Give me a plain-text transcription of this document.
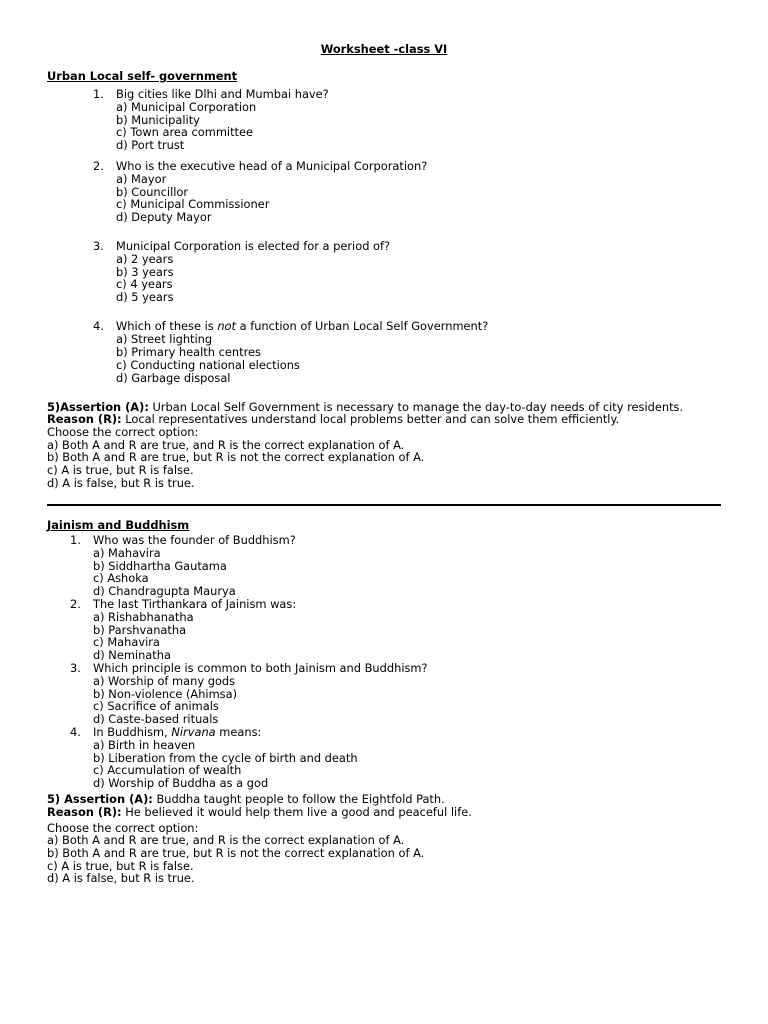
Worksheet -class VI
Urban Local self- government
1. Big cities like Dlhi and Mumbai have?
a) Municipal Corporation
b) Municipality
c) Town area committee
d) Port trust
2. Who is the executive head of a Municipal Corporation?
a) Mayor
b) Councillor
c) Municipal Commissioner
d) Deputy Mayor
3. Municipal Corporation is elected for a period of?
a) 2 years
b) 3 years
c) 4 years
d) 5 years
4. Which of these is not a function of Urban Local Self Government?
a) Street lighting
b) Primary health centres
c) Conducting national elections
d) Garbage disposal
5)Assertion (A): Urban Local Self Government is necessary to manage the day-to-day needs of city residents.
Reason (R): Local representatives understand local problems better and can solve them efficiently.
Choose the correct option:
a) Both A and R are true, and R is the correct explanation of A.
b) Both A and R are true, but R is not the correct explanation of A.
c) A is true, but R is false.
d) A is false, but R is true.
Jainism and Buddhism
1. Who was the founder of Buddhism?
a) Mahavira
b) Siddhartha Gautama
c) Ashoka
d) Chandragupta Maurya
2. The last Tirthankara of Jainism was:
a) Rishabhanatha
b) Parshvanatha
c) Mahavira
d) Neminatha
3. Which principle is common to both Jainism and Buddhism?
a) Worship of many gods
b) Non-violence (Ahimsa)
c) Sacrifice of animals
d) Caste-based rituals
4. In Buddhism, Nirvana means:
a) Birth in heaven
b) Liberation from the cycle of birth and death
c) Accumulation of wealth
d) Worship of Buddha as a god
5) Assertion (A): Buddha taught people to follow the Eightfold Path.
Reason (R): He believed it would help them live a good and peaceful life.
Choose the correct option:
a) Both A and R are true, and R is the correct explanation of A.
b) Both A and R are true, but R is not the correct explanation of A.
c) A is true, but R is false.
d) A is false, but R is true.
